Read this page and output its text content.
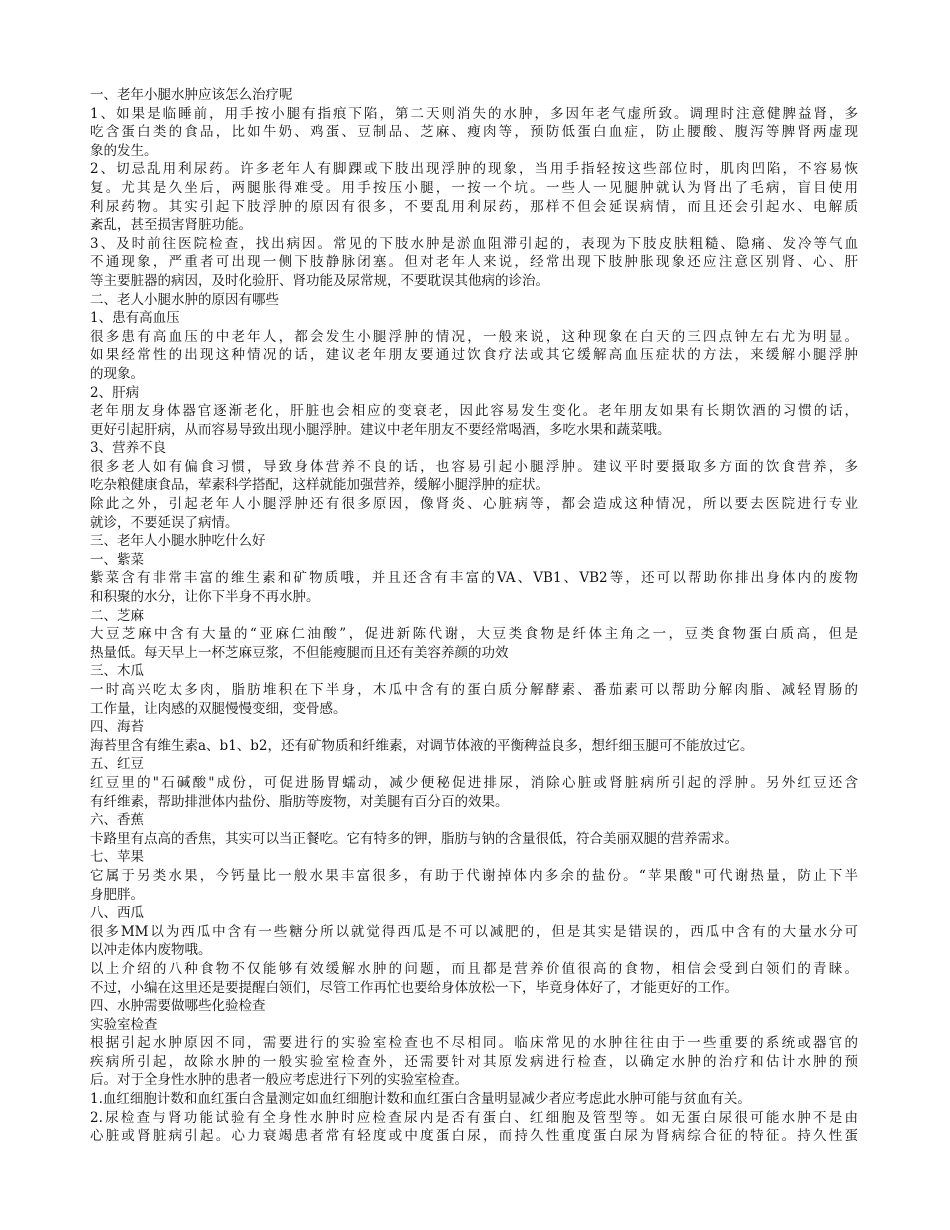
一、老年小腿水肿应该怎么治疗呢
1、如果是临睡前，用手按小腿有指痕下陷，第二天则消失的水肿，多因年老气虚所致。调理时注意健脾益肾，多
吃含蛋白类的食品，比如牛奶、鸡蛋、豆制品、芝麻、瘦肉等，预防低蛋白血症，防止腰酸、腹泻等脾肾两虚现
象的发生。
2、切忌乱用利尿药。许多老年人有脚踝或下肢出现浮肿的现象，当用手指轻按这些部位时，肌肉凹陷，不容易恢
复。尤其是久坐后，两腿胀得难受。用手按压小腿，一按一个坑。一些人一见腿肿就认为肾出了毛病，盲目使用
利尿药物。其实引起下肢浮肿的原因有很多，不要乱用利尿药，那样不但会延误病情，而且还会引起水、电解质
紊乱，甚至损害肾脏功能。
3、及时前往医院检查，找出病因。常见的下肢水肿是淤血阻滞引起的，表现为下肢皮肤粗糙、隐痛、发冷等气血
不通现象，严重者可出现一侧下肢静脉闭塞。但对老年人来说，经常出现下肢肿胀现象还应注意区别肾、心、肝
等主要脏器的病因，及时化验肝、肾功能及尿常规，不要耽误其他病的诊治。
二、老人小腿水肿的原因有哪些
1、患有高血压
很多患有高血压的中老年人，都会发生小腿浮肿的情况，一般来说，这种现象在白天的三四点钟左右尤为明显。
如果经常性的出现这种情况的话，建议老年朋友要通过饮食疗法或其它缓解高血压症状的方法，来缓解小腿浮肿
的现象。
2、肝病
老年朋友身体器官逐渐老化，肝脏也会相应的变衰老，因此容易发生变化。老年朋友如果有长期饮酒的习惯的话，
更好引起肝病，从而容易导致出现小腿浮肿。建议中老年朋友不要经常喝酒，多吃水果和蔬菜哦。
3、营养不良
很多老人如有偏食习惯，导致身体营养不良的话，也容易引起小腿浮肿。建议平时要摄取多方面的饮食营养，多
吃杂粮健康食品，荤素科学搭配，这样就能加强营养，缓解小腿浮肿的症状。
除此之外，引起老年人小腿浮肿还有很多原因，像肾炎、心脏病等，都会造成这种情况，所以要去医院进行专业
就诊，不要延误了病情。
三、老年人小腿水肿吃什么好
一、紫菜
紫菜含有非常丰富的维生素和矿物质哦，并且还含有丰富的VA、VB1、VB2等，还可以帮助你排出身体内的废物
和积聚的水分，让你下半身不再水肿。
二、芝麻
大豆芝麻中含有大量的“亚麻仁油酸”，促进新陈代谢，大豆类食物是纤体主角之一，豆类食物蛋白质高，但是
热量低。每天早上一杯芝麻豆浆，不但能瘦腿而且还有美容养颜的功效
三、木瓜
一时高兴吃太多肉，脂肪堆积在下半身，木瓜中含有的蛋白质分解酵素、番茄素可以帮助分解肉脂、减轻胃肠的
工作量，让肉感的双腿慢慢变细，变骨感。
四、海苔
海苔里含有维生素a、b1、b2，还有矿物质和纤维素，对调节体液的平衡稗益良多，想纤细玉腿可不能放过它。
五、红豆
红豆里的"石碱酸"成份，可促进肠胃蠕动，减少便秘促进排尿，消除心脏或肾脏病所引起的浮肿。另外红豆还含
有纤维素，帮助排泄体内盐份、脂肪等废物，对美腿有百分百的效果。
六、香蕉
卡路里有点高的香焦，其实可以当正餐吃。它有特多的钾，脂肪与钠的含量很低，符合美丽双腿的营养需求。
七、苹果
它属于另类水果，今钙量比一般水果丰富很多，有助于代谢掉体内多余的盐份。“苹果酸"可代谢热量，防止下半
身肥胖。
八、西瓜
很多MM以为西瓜中含有一些糖分所以就觉得西瓜是不可以减肥的，但是其实是错误的，西瓜中含有的大量水分可
以冲走体内废物哦。
以上介绍的八种食物不仅能够有效缓解水肿的问题，而且都是营养价值很高的食物，相信会受到白领们的青睐。
不过，小编在这里还是要提醒白领们，尽管工作再忙也要给身体放松一下，毕竟身体好了，才能更好的工作。
四、水肿需要做哪些化验检查
实验室检查
根据引起水肿原因不同，需要进行的实验室检查也不尽相同。临床常见的水肿往往由于一些重要的系统或器官的
疾病所引起，故除水肿的一般实验室检查外，还需要针对其原发病进行检查，以确定水肿的治疗和估计水肿的预
后。对于全身性水肿的患者一般应考虑进行下列的实验室检查。
1.血红细胞计数和血红蛋白含量测定如血红细胞计数和血红蛋白含量明显减少者应考虑此水肿可能与贫血有关。
2.尿检查与肾功能试验有全身性水肿时应检查尿内是否有蛋白、红细胞及管型等。如无蛋白尿很可能水肿不是由
心脏或肾脏病引起。心力衰竭患者常有轻度或中度蛋白尿，而持久性重度蛋白尿为肾病综合征的特征。持久性蛋
